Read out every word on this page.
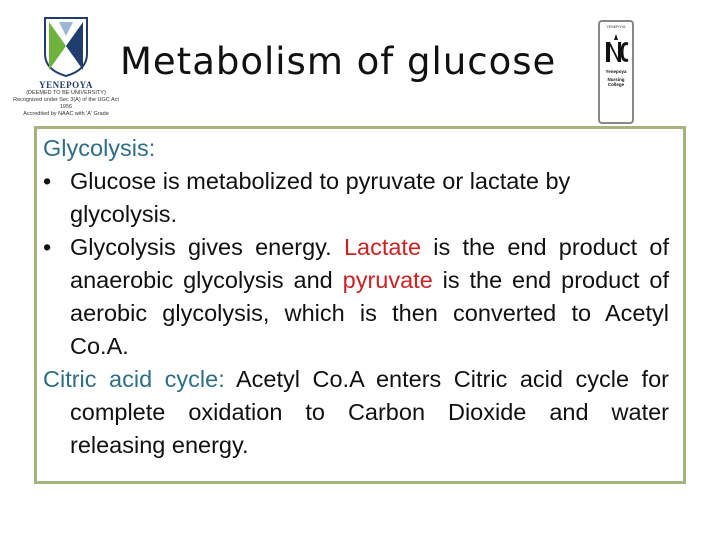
YENEPOYA
(DEEMED TO BE UNIVERSITY)
Recognized under Sec 3(A) of the UGC Act 1956
Accredited by NAAC with 'A' Grade
Metabolism of glucose
YENEPOYA
Yenepoya
Nursing College

Glycolysis:

• Glucose is metabolized to pyruvate or lactate by glycolysis.
• Glycolysis gives energy. Lactate is the end product of anaerobic glycolysis and pyruvate is the end product of aerobic glycolysis, which is then converted to Acetyl Co.A.

Citric acid cycle: Acetyl Co.A enters Citric acid cycle for complete oxidation to Carbon Dioxide and water releasing energy.
